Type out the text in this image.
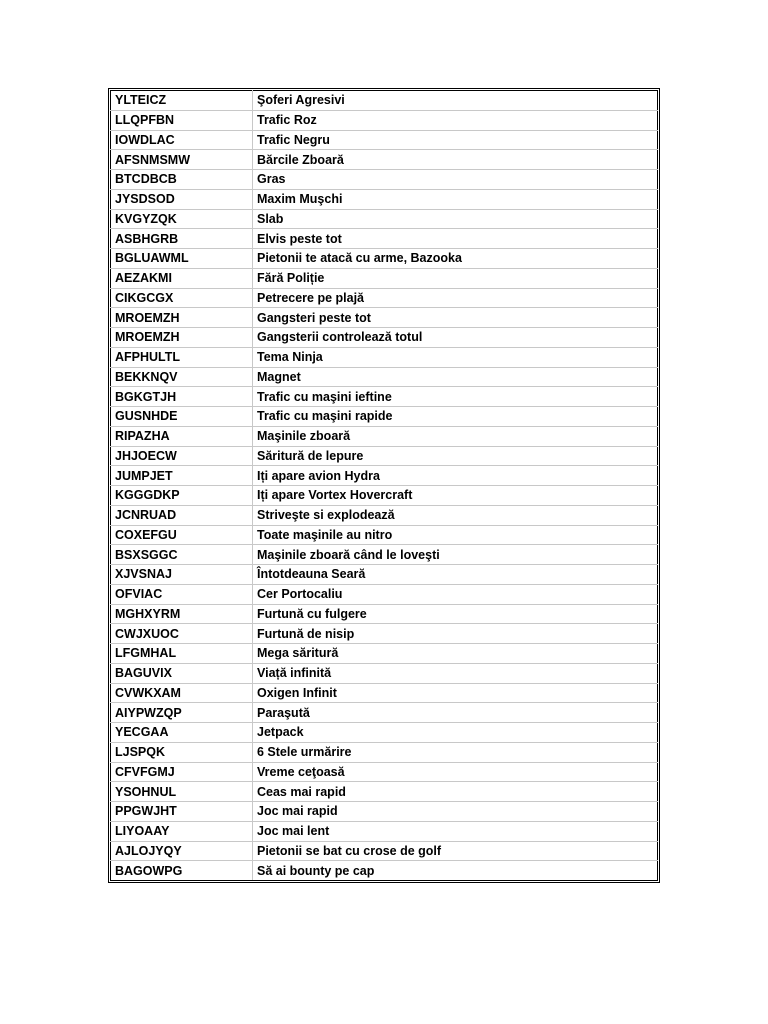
YLTEICZ	Şoferi Agresivi
LLQPFBN	Trafic Roz
IOWDLAC	Trafic Negru
AFSNMSMW	Bărcile Zboară
BTCDBCB	Gras
JYSDSOD	Maxim Muşchi
KVGYZQK	Slab
ASBHGRB	Elvis peste tot
BGLUAWML	Pietonii te atacă cu arme, Bazooka
AEZAKMI	Fără Poliție
CIKGCGX	Petrecere pe plajă
MROEMZH	Gangsteri peste tot
MROEMZH	Gangsterii controlează totul
AFPHULTL	Tema Ninja
BEKKNQV	Magnet
BGKGTJH	Trafic cu maşini ieftine
GUSNHDE	Trafic cu maşini rapide
RIPAZHA	Maşinile zboară
JHJOECW	Săritură de lepure
JUMPJET	Iți apare avion Hydra
KGGGDKP	Iți apare Vortex Hovercraft
JCNRUAD	Striveşte si explodează
COXEFGU	Toate maşinile au nitro
BSXSGGC	Maşinile zboară când le loveşti
XJVSNAJ	Întotdeauna Seară
OFVIAC	Cer Portocaliu
MGHXYRM	Furtună cu fulgere
CWJXUOC	Furtună de nisip
LFGMHAL	Mega săritură
BAGUVIX	Viață infinită
CVWKXAM	Oxigen Infinit
AIYPWZQP	Paraşută
YECGAA	Jetpack
LJSPQK	6 Stele urmărire
CFVFGMJ	Vreme ceţoasă
YSOHNUL	Ceas mai rapid
PPGWJHT	Joc mai rapid
LIYOAAY	Joc mai lent
AJLOJYQY	Pietonii se bat cu crose de golf
BAGOWPG	Să ai bounty pe cap
